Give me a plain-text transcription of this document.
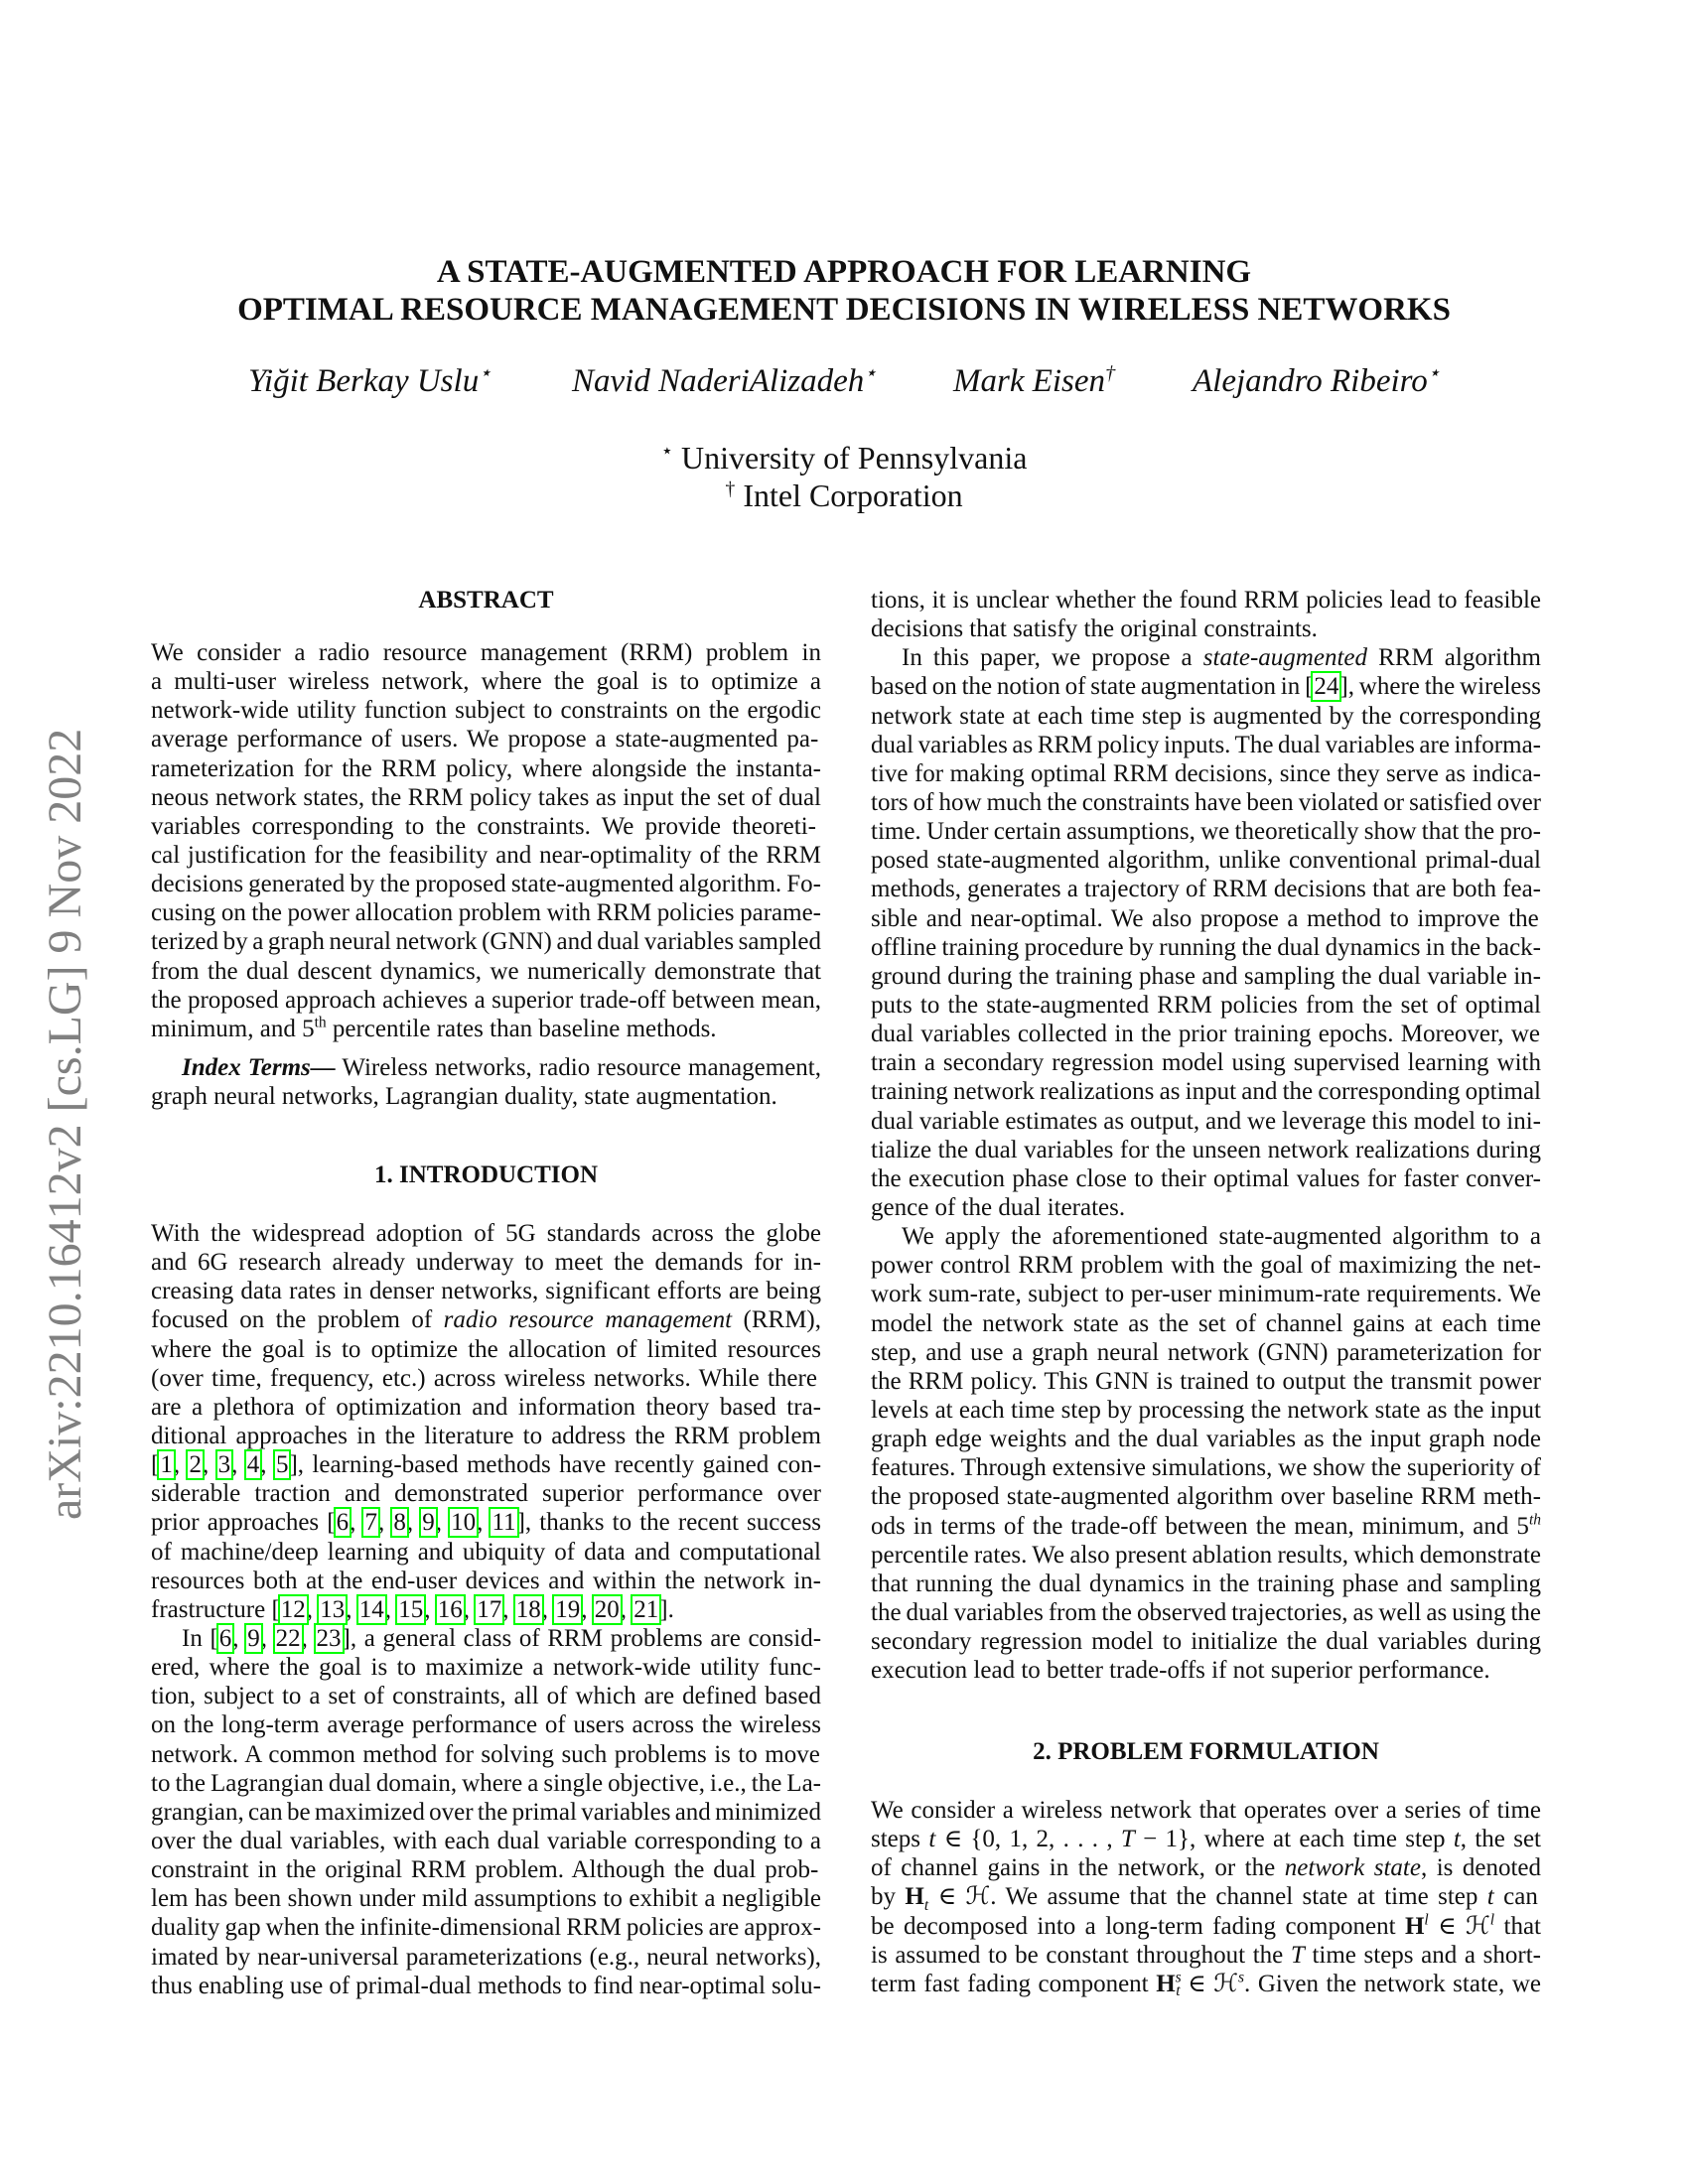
arXiv:2210.16412v2 [cs.LG] 9 Nov 2022
A STATE-AUGMENTED APPROACH FOR LEARNING
OPTIMAL RESOURCE MANAGEMENT DECISIONS IN WIRELESS NETWORKS
Yiğit Berkay Uslu⋆ Navid NaderiAlizadeh⋆ Mark Eisen† Alejandro Ribeiro⋆
⋆ University of Pennsylvania
† Intel Corporation
ABSTRACT
We consider a radio resource management (RRM) problem in
a multi-user wireless network, where the goal is to optimize a
network-wide utility function subject to constraints on the ergodic
average performance of users. We propose a state-augmented pa-
rameterization for the RRM policy, where alongside the instanta-
neous network states, the RRM policy takes as input the set of dual
variables corresponding to the constraints. We provide theoreti-
cal justification for the feasibility and near-optimality of the RRM
decisions generated by the proposed state-augmented algorithm. Fo-
cusing on the power allocation problem with RRM policies parame-
terized by a graph neural network (GNN) and dual variables sampled
from the dual descent dynamics, we numerically demonstrate that
the proposed approach achieves a superior trade-off between mean,
minimum, and 5th percentile rates than baseline methods.
Index Terms— Wireless networks, radio resource management,
graph neural networks, Lagrangian duality, state augmentation.
1. INTRODUCTION
With the widespread adoption of 5G standards across the globe
and 6G research already underway to meet the demands for in-
creasing data rates in denser networks, significant efforts are being
focused on the problem of radio resource management (RRM),
where the goal is to optimize the allocation of limited resources
(over time, frequency, etc.) across wireless networks. While there
are a plethora of optimization and information theory based tra-
ditional approaches in the literature to address the RRM problem
[1, 2, 3, 4, 5], learning-based methods have recently gained con-
siderable traction and demonstrated superior performance over
prior approaches [6, 7, 8, 9, 10, 11], thanks to the recent success
of machine/deep learning and ubiquity of data and computational
resources both at the end-user devices and within the network in-
frastructure [12, 13, 14, 15, 16, 17, 18, 19, 20, 21].
In [6, 9, 22, 23], a general class of RRM problems are consid-
ered, where the goal is to maximize a network-wide utility func-
tion, subject to a set of constraints, all of which are defined based
on the long-term average performance of users across the wireless
network. A common method for solving such problems is to move
to the Lagrangian dual domain, where a single objective, i.e., the La-
grangian, can be maximized over the primal variables and minimized
over the dual variables, with each dual variable corresponding to a
constraint in the original RRM problem. Although the dual prob-
lem has been shown under mild assumptions to exhibit a negligible
duality gap when the infinite-dimensional RRM policies are approx-
imated by near-universal parameterizations (e.g., neural networks),
thus enabling use of primal-dual methods to find near-optimal solu-
tions, it is unclear whether the found RRM policies lead to feasible
decisions that satisfy the original constraints.
In this paper, we propose a state-augmented RRM algorithm
based on the notion of state augmentation in [24], where the wireless
network state at each time step is augmented by the corresponding
dual variables as RRM policy inputs. The dual variables are informa-
tive for making optimal RRM decisions, since they serve as indica-
tors of how much the constraints have been violated or satisfied over
time. Under certain assumptions, we theoretically show that the pro-
posed state-augmented algorithm, unlike conventional primal-dual
methods, generates a trajectory of RRM decisions that are both fea-
sible and near-optimal. We also propose a method to improve the
offline training procedure by running the dual dynamics in the back-
ground during the training phase and sampling the dual variable in-
puts to the state-augmented RRM policies from the set of optimal
dual variables collected in the prior training epochs. Moreover, we
train a secondary regression model using supervised learning with
training network realizations as input and the corresponding optimal
dual variable estimates as output, and we leverage this model to ini-
tialize the dual variables for the unseen network realizations during
the execution phase close to their optimal values for faster conver-
gence of the dual iterates.
We apply the aforementioned state-augmented algorithm to a
power control RRM problem with the goal of maximizing the net-
work sum-rate, subject to per-user minimum-rate requirements. We
model the network state as the set of channel gains at each time
step, and use a graph neural network (GNN) parameterization for
the RRM policy. This GNN is trained to output the transmit power
levels at each time step by processing the network state as the input
graph edge weights and the dual variables as the input graph node
features. Through extensive simulations, we show the superiority of
the proposed state-augmented algorithm over baseline RRM meth-
ods in terms of the trade-off between the mean, minimum, and 5th
percentile rates. We also present ablation results, which demonstrate
that running the dual dynamics in the training phase and sampling
the dual variables from the observed trajectories, as well as using the
secondary regression model to initialize the dual variables during
execution lead to better trade-offs if not superior performance.
2. PROBLEM FORMULATION
We consider a wireless network that operates over a series of time
steps t ∈ {0, 1, 2, . . . , T − 1}, where at each time step t, the set
of channel gains in the network, or the network state, is denoted
by $H_t$ ∈ ℋ. We assume that the channel state at time step t can
be decomposed into a long-term fading component $H^l$ ∈ ℋ$^l$ that
is assumed to be constant throughout the T time steps and a short-
term fast fading component $H^st$ ∈ ℋ$^s$. Given the network state, we
